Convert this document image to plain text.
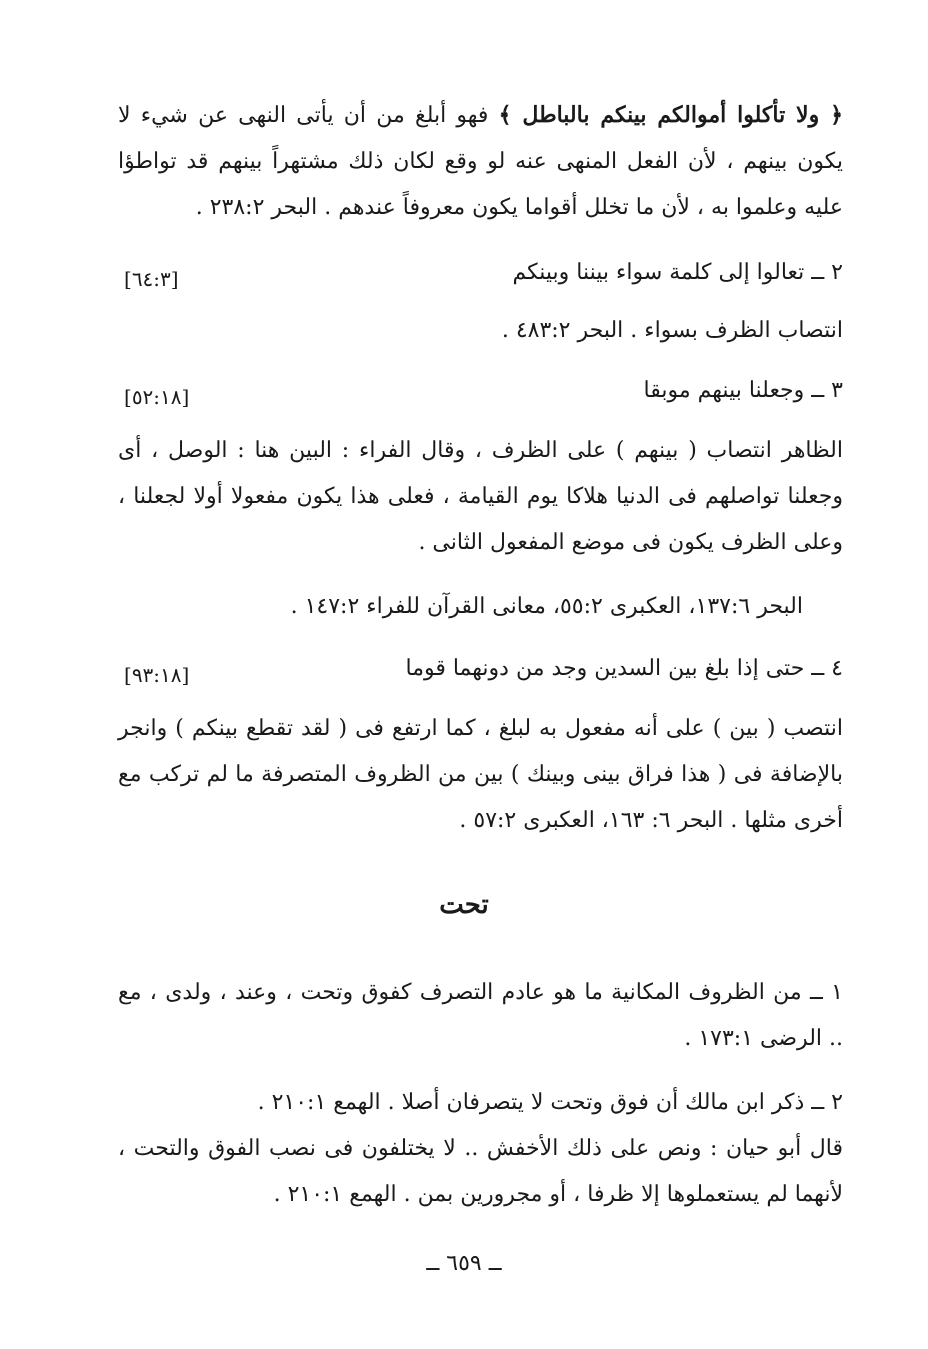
﴿ ولا تأكلوا أموالكم بينكم بالباطل ﴾ فهو أبلغ من أن يأتى النهى عن شيء لا يكون بينهم ، لأن الفعل المنهى عنه لو وقع لكان ذلك مشتهراً بينهم قد تواطؤا عليه وعلموا به ، لأن ما تخلل أقواما يكون معروفاً عندهم . البحر ٢٣٨:٢ .
٢ ــ تعالوا إلى كلمة سواء بيننا وبينكم
[٦٤:٣]
انتصاب الظرف بسواء . البحر ٤٨٣:٢ .
٣ ــ وجعلنا بينهم موبقا
[٥٢:١٨]
الظاهر انتصاب ( بينهم ) على الظرف ، وقال الفراء : البين هنا : الوصل ، أى وجعلنا تواصلهم فى الدنيا هلاكا يوم القيامة ، فعلى هذا يكون مفعولا أولا لجعلنا ، وعلى الظرف يكون فى موضع المفعول الثانى .
البحر ١٣٧:٦، العكبرى ٥٥:٢، معانى القرآن للفراء ١٤٧:٢ .
٤ ــ حتى إذا بلغ بين السدين وجد من دونهما قوما
[٩٣:١٨]
انتصب ( بين ) على أنه مفعول به لبلغ ، كما ارتفع فى ( لقد تقطع بينكم ) وانجر بالإضافة فى ( هذا فراق بينى وبينك ) بين من الظروف المتصرفة ما لم تركب مع أخرى مثلها . البحر ٦: ١٦٣، العكبرى ٥٧:٢ .
تحت
١ ــ من الظروف المكانية ما هو عادم التصرف كفوق وتحت ، وعند ، ولدى ، مع .. الرضى ١٧٣:١ .
٢ ــ ذكر ابن مالك أن فوق وتحت لا يتصرفان أصلا . الهمع ٢١٠:١ .
قال أبو حيان : ونص على ذلك الأخفش .. لا يختلفون فى نصب الفوق والتحت ، لأنهما لم يستعملوها إلا ظرفا ، أو مجرورين بمن . الهمع ٢١٠:١ .
ــ ٦٥٩ ــ
